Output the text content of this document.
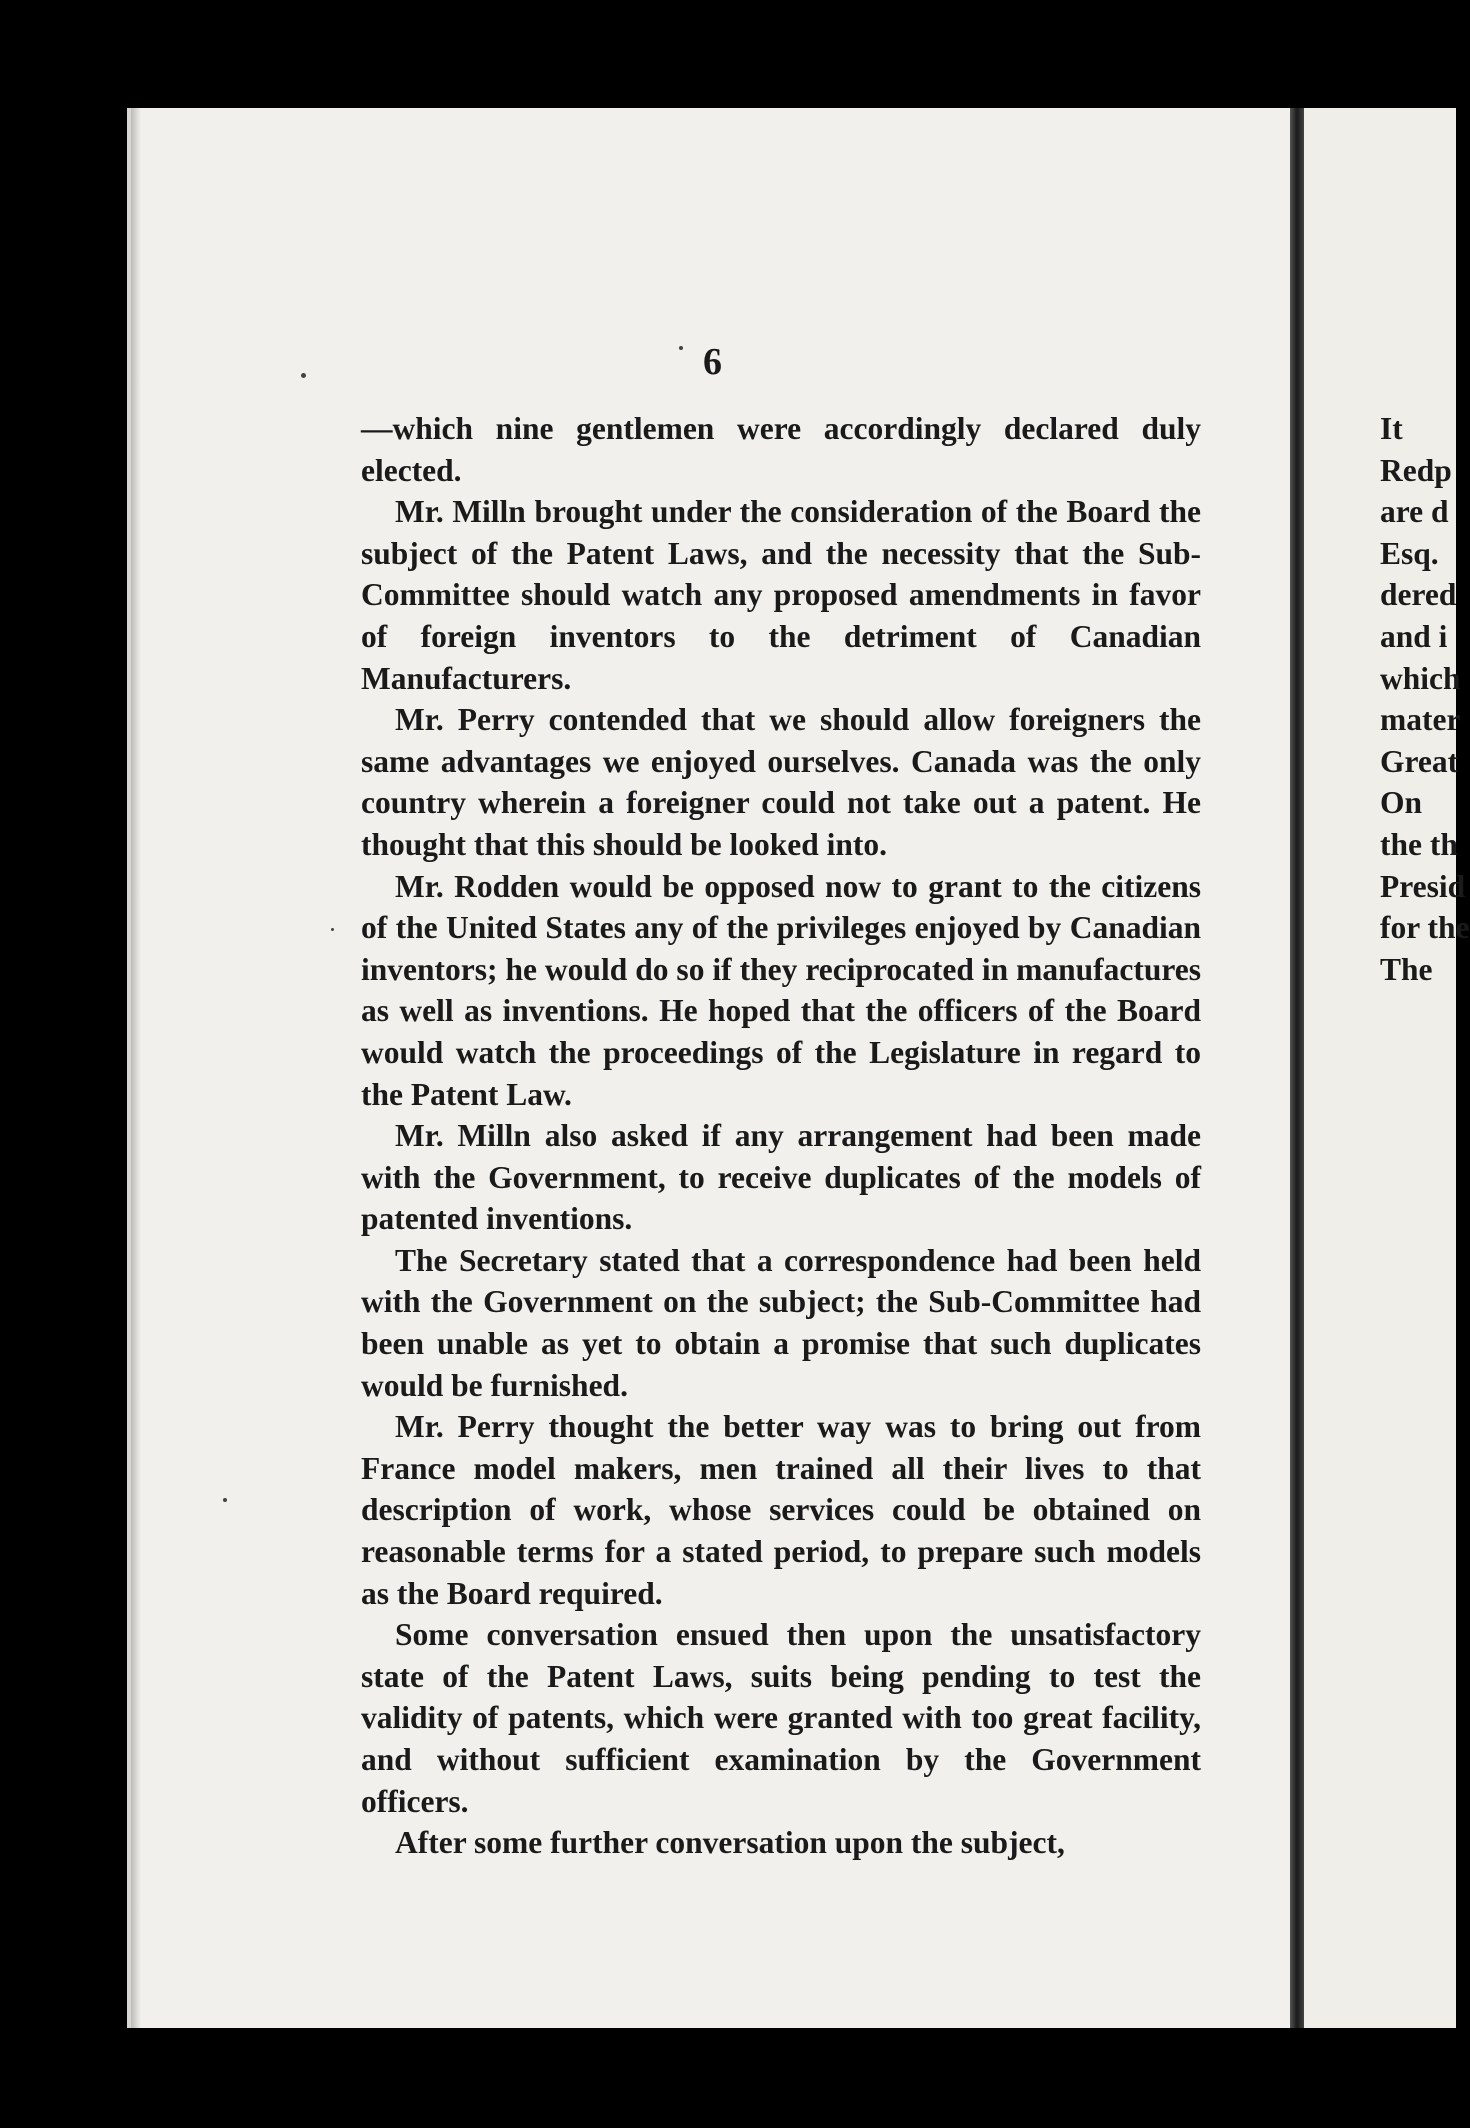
6

—which nine gentlemen were accordingly declared duly elected.

Mr. Milln brought under the consideration of the Board the subject of the Patent Laws, and the necessity that the Sub-Committee should watch any proposed amendments in favor of foreign inventors to the detriment of Canadian Manufacturers.

Mr. Perry contended that we should allow foreigners the same advantages we enjoyed ourselves. Canada was the only country wherein a foreigner could not take out a patent. He thought that this should be looked into.

Mr. Rodden would be opposed now to grant to the citizens of the United States any of the privileges enjoyed by Canadian inventors; he would do so if they reciprocated in manufactures as well as inventions. He hoped that the officers of the Board would watch the proceedings of the Legislature in regard to the Patent Law.

Mr. Milln also asked if any arrangement had been made with the Government, to receive duplicates of the models of patented inventions.

The Secretary stated that a correspondence had been held with the Government on the subject; the Sub-Committee had been unable as yet to obtain a promise that such duplicates would be furnished.

Mr. Perry thought the better way was to bring out from France model makers, men trained all their lives to that description of work, whose services could be obtained on reasonable terms for a stated period, to prepare such models as the Board required.

Some conversation ensued then upon the unsatisfactory state of the Patent Laws, suits being pending to test the validity of patents, which were granted with too great facility, and without sufficient examination by the Government officers.

After some further conversation upon the subject,

It
Redp
are d
Esq.
dered
and i
which
mater
Great
On
the th
Presid
for the
The
